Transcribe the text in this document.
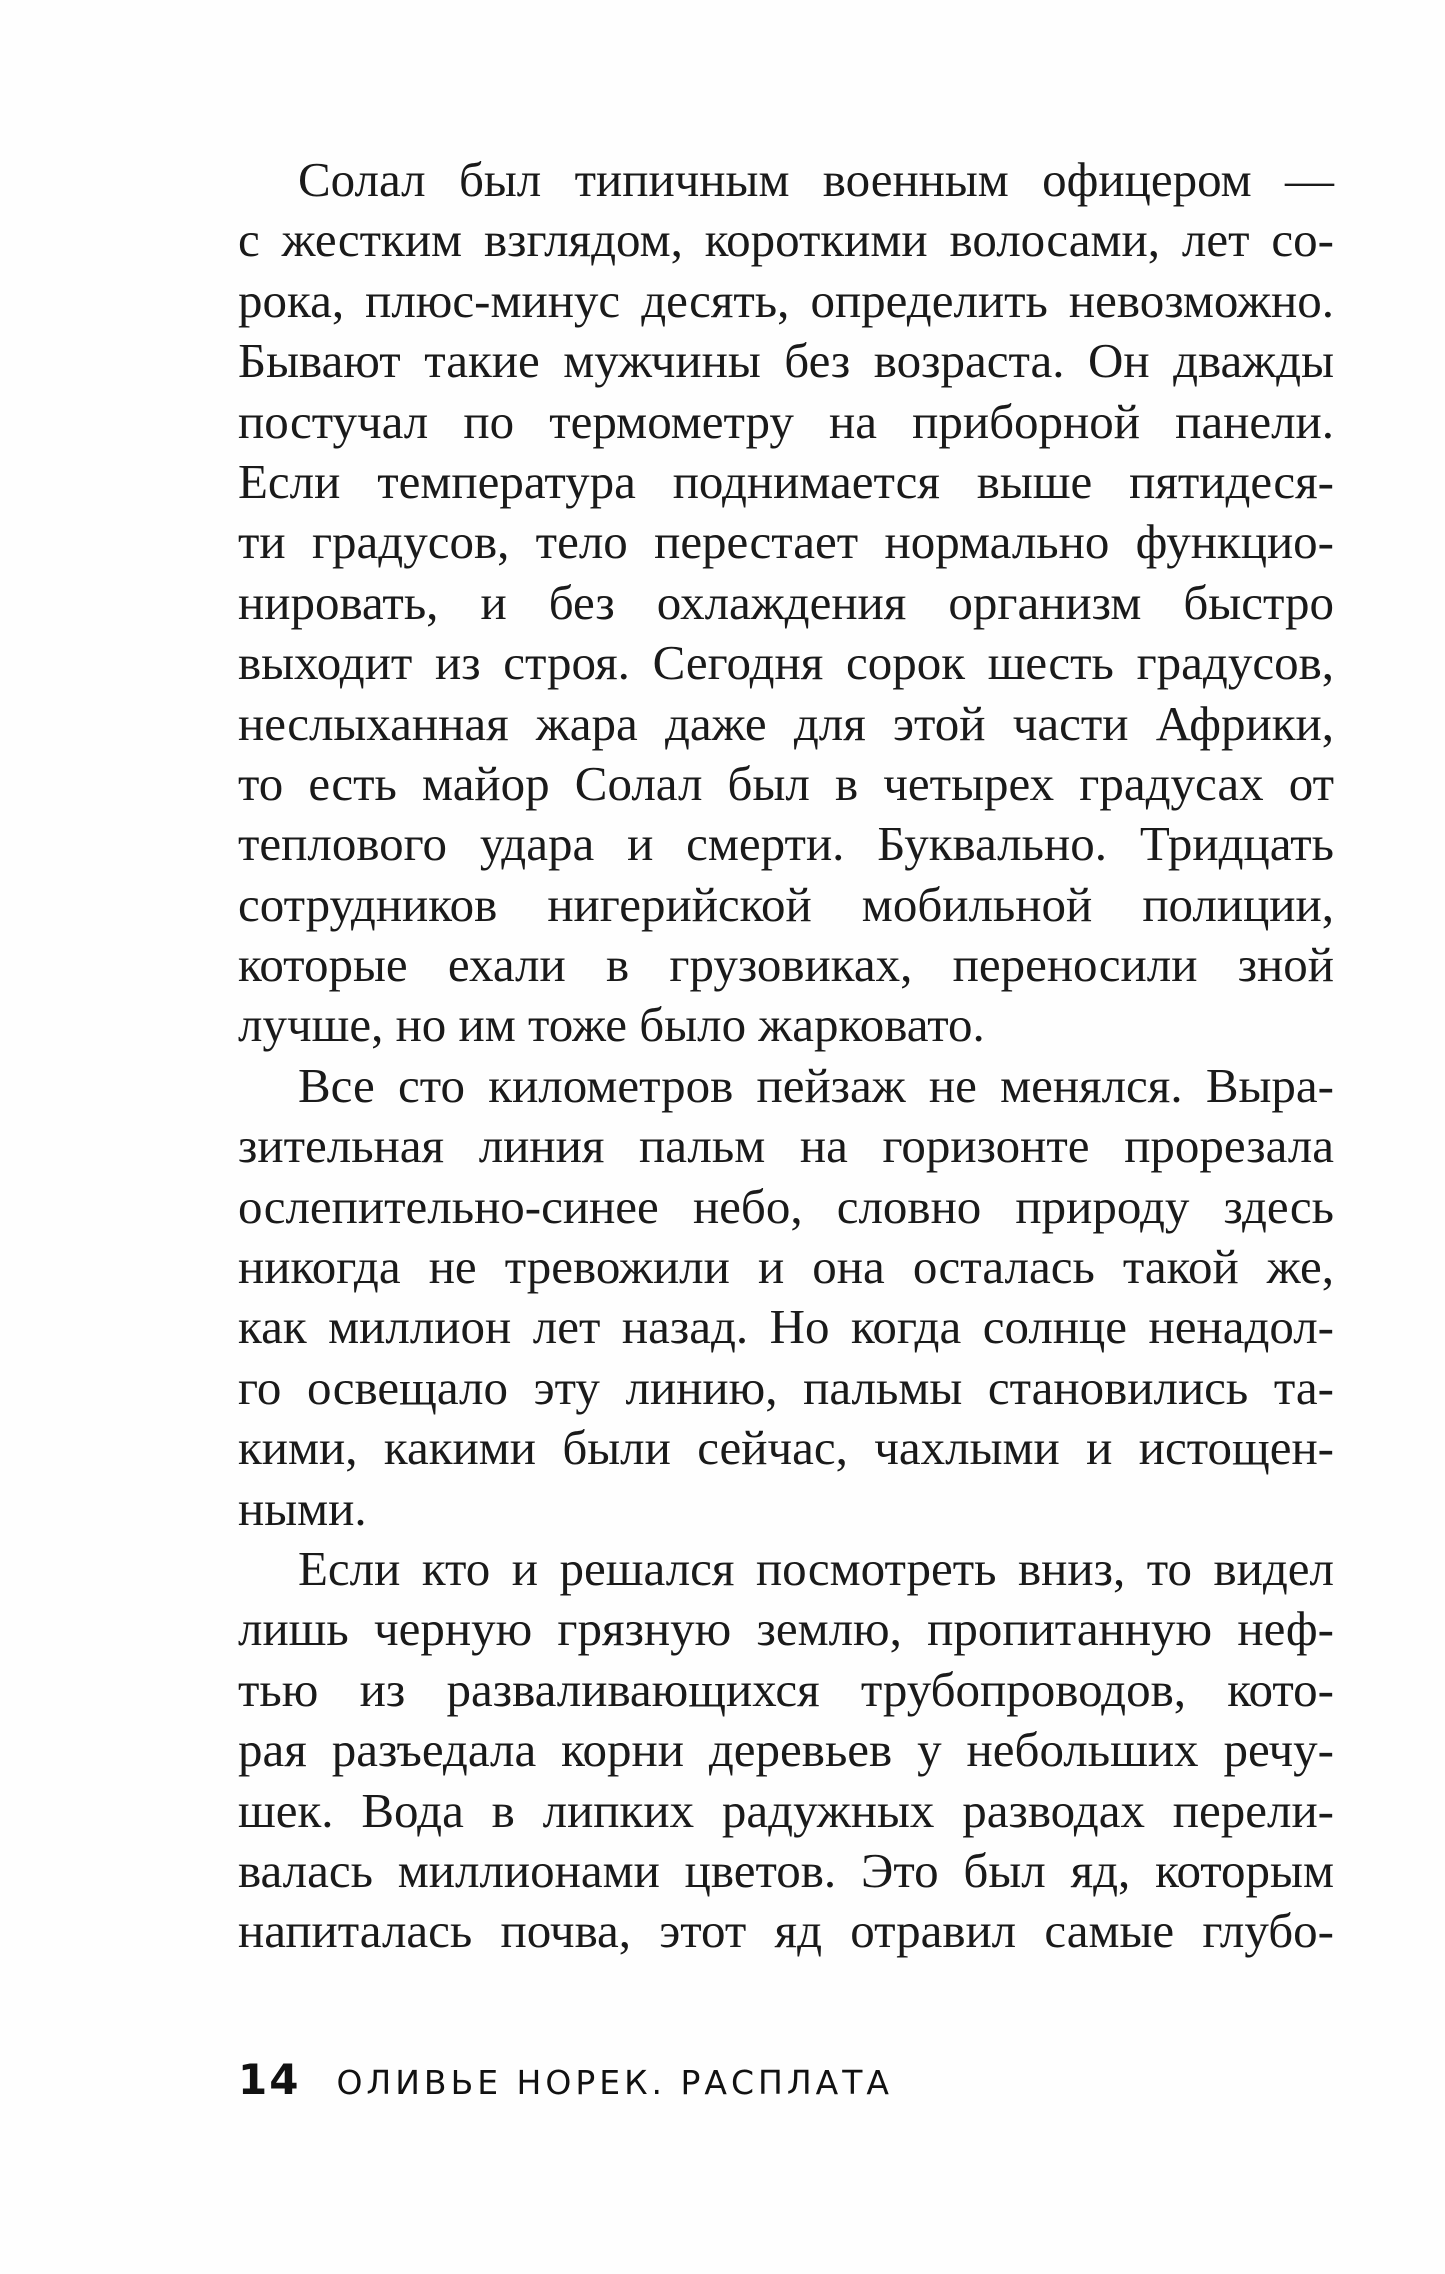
Солал был типичным военным офицером —
с жестким взглядом, короткими волосами, лет со-
рока, плюс-минус десять, определить невозможно.
Бывают такие мужчины без возраста. Он дважды
постучал по термометру на приборной панели.
Если температура поднимается выше пятидеся-
ти градусов, тело перестает нормально функцио-
нировать, и без охлаждения организм быстро
выходит из строя. Сегодня сорок шесть градусов,
неслыханная жара даже для этой части Африки,
то есть майор Солал был в четырех градусах от
теплового удара и смерти. Буквально. Тридцать
сотрудников нигерийской мобильной полиции,
которые ехали в грузовиках, переносили зной
лучше, но им тоже было жарковато.
Все сто километров пейзаж не менялся. Выра-
зительная линия пальм на горизонте прорезала
ослепительно-синее небо, словно природу здесь
никогда не тревожили и она осталась такой же,
как миллион лет назад. Но когда солнце ненадол-
го освещало эту линию, пальмы становились та-
кими, какими были сейчас, чахлыми и истощен-
ными.
Если кто и решался посмотреть вниз, то видел
лишь черную грязную землю, пропитанную неф-
тью из разваливающихся трубопроводов, кото-
рая разъедала корни деревьев у небольших речу-
шек. Вода в липких радужных разводах перели-
валась миллионами цветов. Это был яд, которым
напиталась почва, этот яд отравил самые глубо-
14 ОЛИВЬЕ НОРЕК. РАСПЛАТА
